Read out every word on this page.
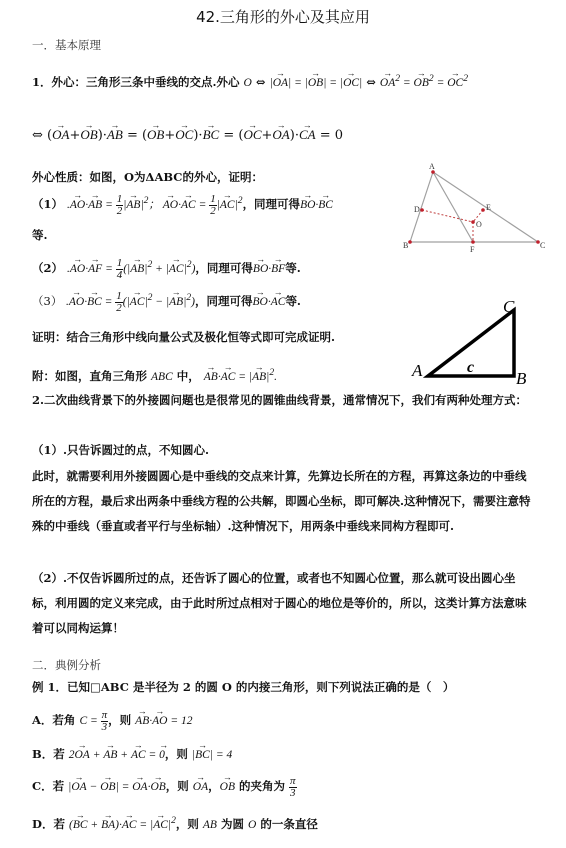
42.三角形的外心及其应用
一．基本原理
1．外心：三角形三条中垂线的交点.外心 O ⇔ |→ OA| = |→ OB| = |→ OC| ⇔ → $OA^2$ = → $OB^2$ = → $OC^2$
⇔ (→ OA+→ OB)·→ AB = (→ OB+→ OC)·→ BC = (→ OC+→ OA)·→ CA = 0
外心性质：如图，O为ΔABC的外心，证明：
（1） .→ AO·→ AB = $\frac{1}{2}$ |→ $AB|^2$； → AO·→ AC = $\frac{1}{2}$ |→ $AC|^2$，同理可得→ BO·→ BC
等.
（2） .→ AO·→ AF = $\frac{1}{4}$ (|→ $AB|^2$ + |→ $AC|^2$)，同理可得→ BO·→ BF等.
（3） .→ AO·→ BC = $\frac{1}{2}$ (|→ $AC|^2$ − |→ $AB|^2$)，同理可得→ BO·→ AC等.
证明：结合三角形中线向量公式及极化恒等式即可完成证明.
附：如图，直角三角形 ABC 中， → AB·→ AC = |→ $AB|^2$.
A
D	E
O
B	F	C
A	B
C
c
2.二次曲线背景下的外接圆问题也是很常见的圆锥曲线背景，通常情况下，我们有两种处理方式：
（1）.只告诉圆过的点，不知圆心.
此时，就需要利用外接圆圆心是中垂线的交点来计算，先算边长所在的方程，再算这条边的中垂线所在的方程，最后求出两条中垂线方程的公共解，即圆心坐标，即可解决.这种情况下，需要注意特殊的中垂线（垂直或者平行与坐标轴）.这种情况下，用两条中垂线来同构方程即可.
（2）.不仅告诉圆所过的点，还告诉了圆心的位置，或者也不知圆心位置，那么就可设出圆心坐标，利用圆的定义来完成，由于此时所过点相对于圆心的地位是等价的，所以，这类计算方法意味着可以同构运算！
二．典例分析
例 1．已知□ABC 是半径为 2 的圆 O 的内接三角形，则下列说法正确的是（　）
A．若角 $C = \frac{\pi}{3}$ ，则 → AB·→ AO = 12
B．若 2→ OA + → AB + → AC = → 0，则 |→ BC| = 4
C．若 |→ OA − → OB| = → OA·→ OB，则 → OA，→ OB 的夹角为 $\frac{\pi}{3}$
D．若 (→ BC + → BA)·→ AC = |→ $AC|^2$，则 AB 为圆 O 的一条直径
